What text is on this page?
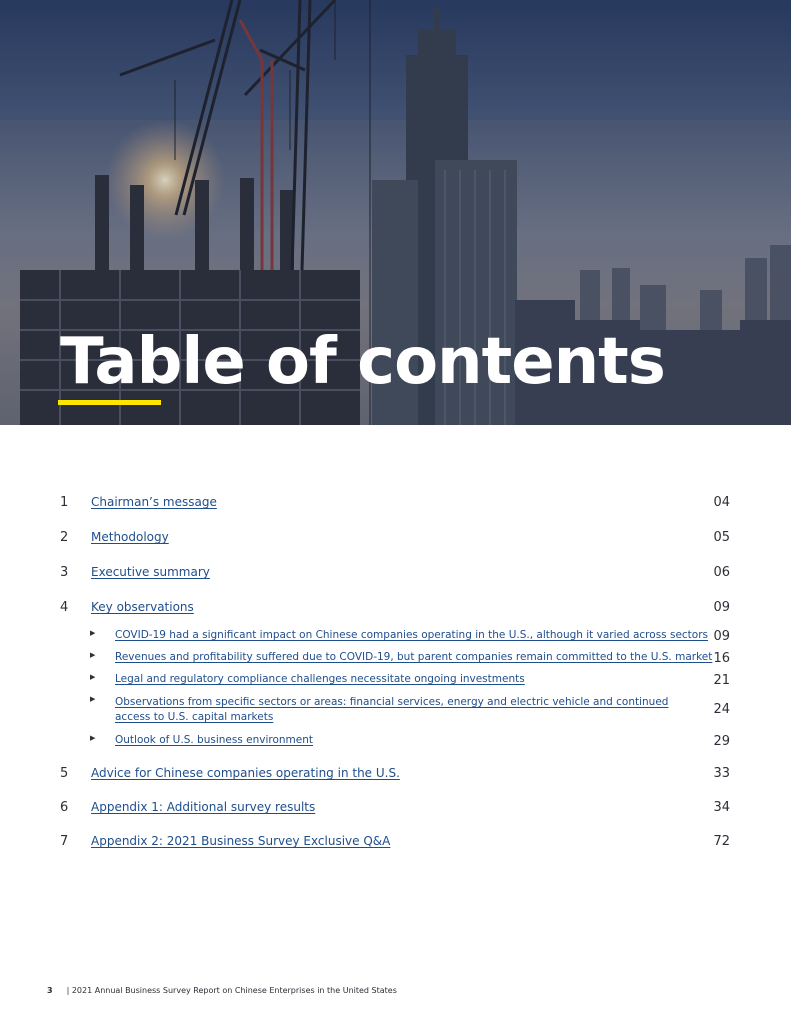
Table of contents
1 Chairman’s message	04
2 Methodology	05
3 Executive summary	06
4 Key observations	09
▶ COVID-19 had a significant impact on Chinese companies operating in the U.S., although it varied across sectors 09
▶ Revenues and profitability suffered due to COVID-19, but parent companies remain committed to the U.S. market 16
▶ Legal and regulatory compliance challenges necessitate ongoing investments	21
▶ Observations from specific sectors or areas: financial services, energy and electric vehicle and continued access to U.S. capital markets	24
▶ Outlook of U.S. business environment	29
5 Advice for Chinese companies operating in the U.S.	33
6 Appendix 1: Additional survey results	34
7 Appendix 2: 2021 Business Survey Exclusive Q&A	72
3 | 2021 Annual Business Survey Report on Chinese Enterprises in the United States
